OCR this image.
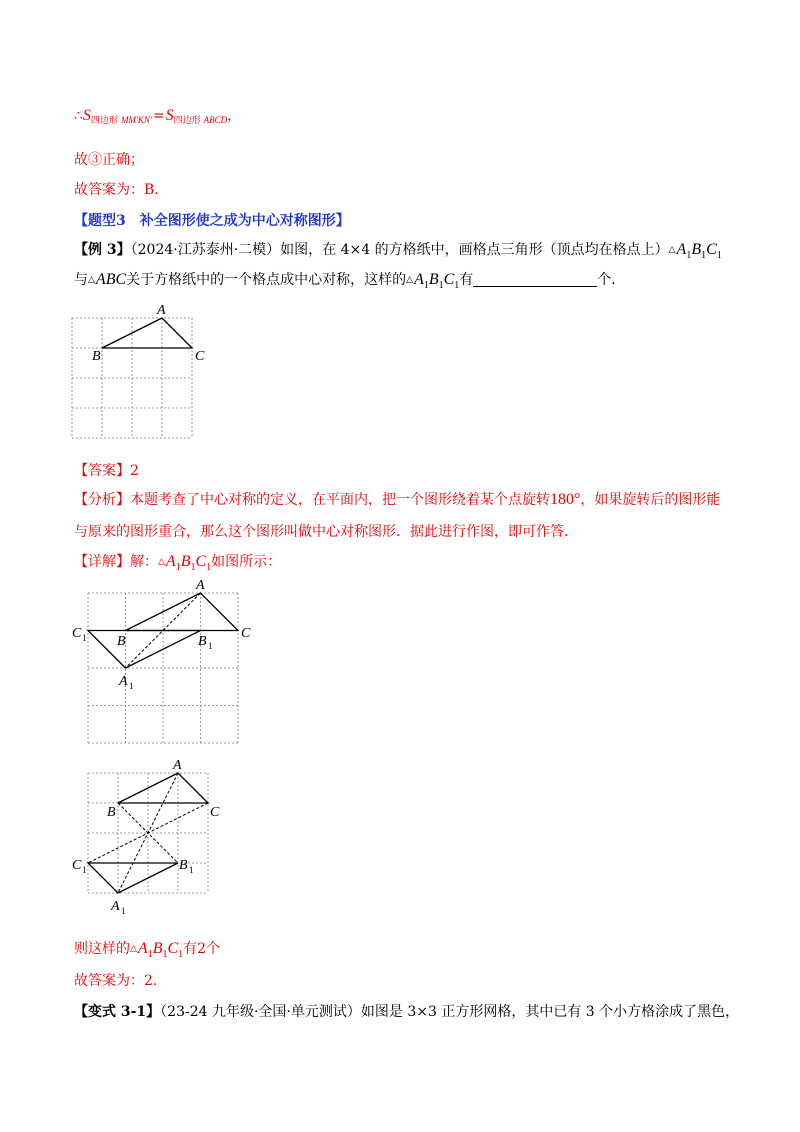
$\therefore S_{四边形}$ $_{MM'KN'}=S_{四边形}$ $_{ABCD}$，
故③正确；
故答案为：B．
【题型3　补全图形使之成为中心对称图形】
【例 3】（2024·江苏泰州·二模）如图，在 4×4 的方格纸中，画格点三角形（顶点均在格点上）$\triangle A_1B_1C_1$
与△ABC关于方格纸中的一个格点成中心对称，这样的$\triangle A_1B_1C_1$有	个．
A
B	C
【答案】2
【分析】本题考查了中心对称的定义，在平面内，把一个图形绕着某个点旋转180°，如果旋转后的图形能
与原来的图形重合，那么这个图形叫做中心对称图形．据此进行作图，即可作答．
【详解】解：$\triangle A_1B_1C_1$如图所示：
A
B
C
C 1	B 1
A 1
A
B	C
C 1	B 1
A 1
则这样的$\triangle A_1B_1C_1$有2个
故答案为：2．
【变式 3-1】（23-24 九年级·全国·单元测试）如图是 3×3 正方形网格，其中已有 3 个小方格涂成了黑色，
